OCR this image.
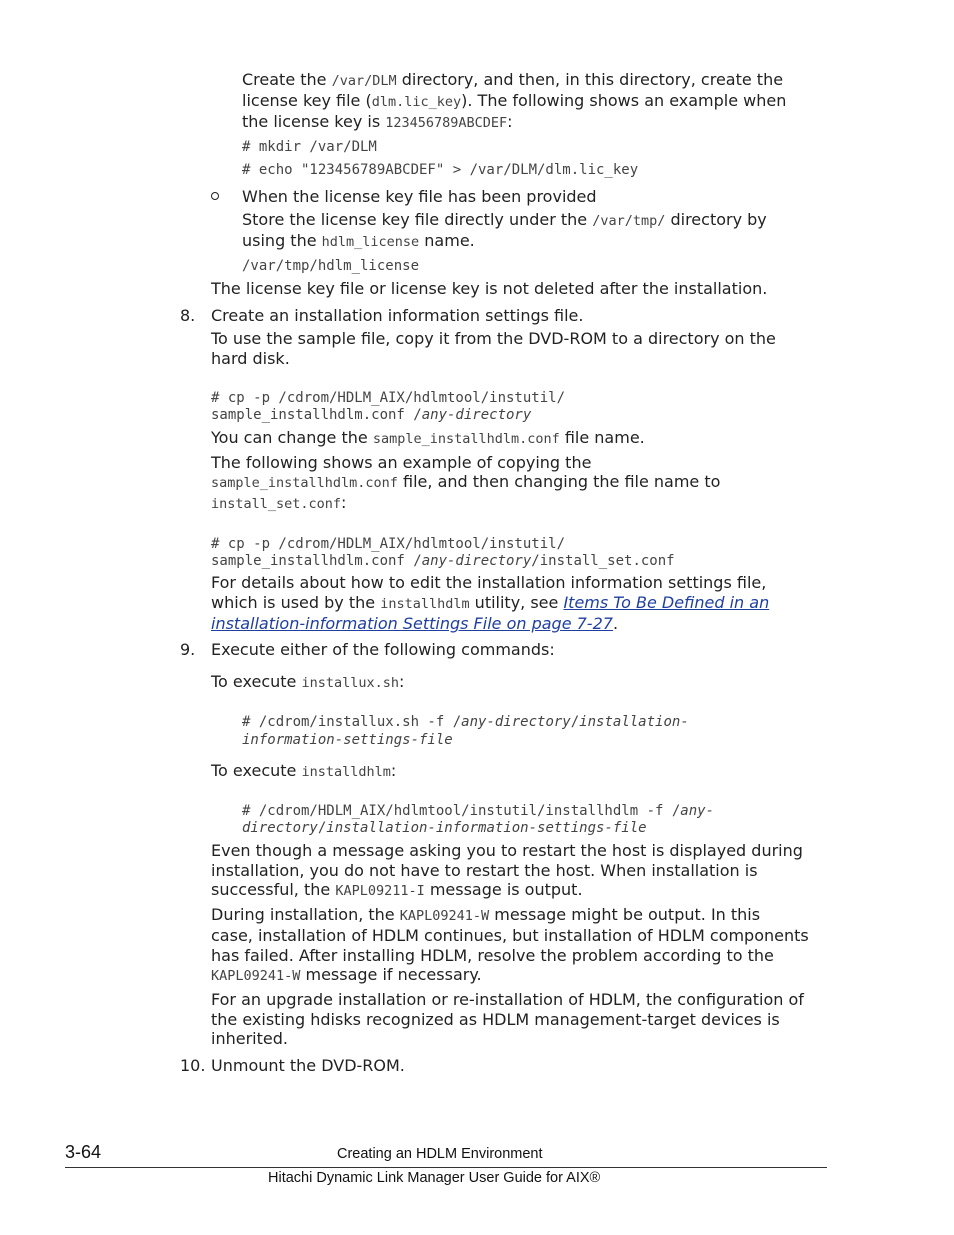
Create the /var/DLM directory, and then, in this directory, create the
license key file (dlm.lic_key). The following shows an example when
the license key is 123456789ABCDEF:
# mkdir /var/DLM
# echo "123456789ABCDEF" > /var/DLM/dlm.lic_key
When the license key file has been provided
Store the license key file directly under the /var/tmp/ directory by
using the hdlm_license name.
/var/tmp/hdlm_license
The license key file or license key is not deleted after the installation.
8. Create an installation information settings file.
To use the sample file, copy it from the DVD-ROM to a directory on the
hard disk.
# cp -p /cdrom/HDLM_AIX/hdlmtool/instutil/
sample_installhdlm.conf /any-directory
You can change the sample_installhdlm.conf file name.
The following shows an example of copying the
sample_installhdlm.conf file, and then changing the file name to
install_set.conf:
# cp -p /cdrom/HDLM_AIX/hdlmtool/instutil/
sample_installhdlm.conf /any-directory/install_set.conf
For details about how to edit the installation information settings file,
which is used by the installhdlm utility, see Items To Be Defined in an
installation-information Settings File on page 7-27.
9. Execute either of the following commands:
To execute installux.sh:
# /cdrom/installux.sh -f /any-directory/installation-
information-settings-file
To execute installdhlm:
# /cdrom/HDLM_AIX/hdlmtool/instutil/installhdlm -f /any-
directory/installation-information-settings-file
Even though a message asking you to restart the host is displayed during
installation, you do not have to restart the host. When installation is
successful, the KAPL09211-I message is output.
During installation, the KAPL09241-W message might be output. In this
case, installation of HDLM continues, but installation of HDLM components
has failed. After installing HDLM, resolve the problem according to the
KAPL09241-W message if necessary.
For an upgrade installation or re-installation of HDLM, the configuration of
the existing hdisks recognized as HDLM management-target devices is
inherited.
10. Unmount the DVD-ROM.
3-64	Creating an HDLM Environment
Hitachi Dynamic Link Manager User Guide for AIX®
